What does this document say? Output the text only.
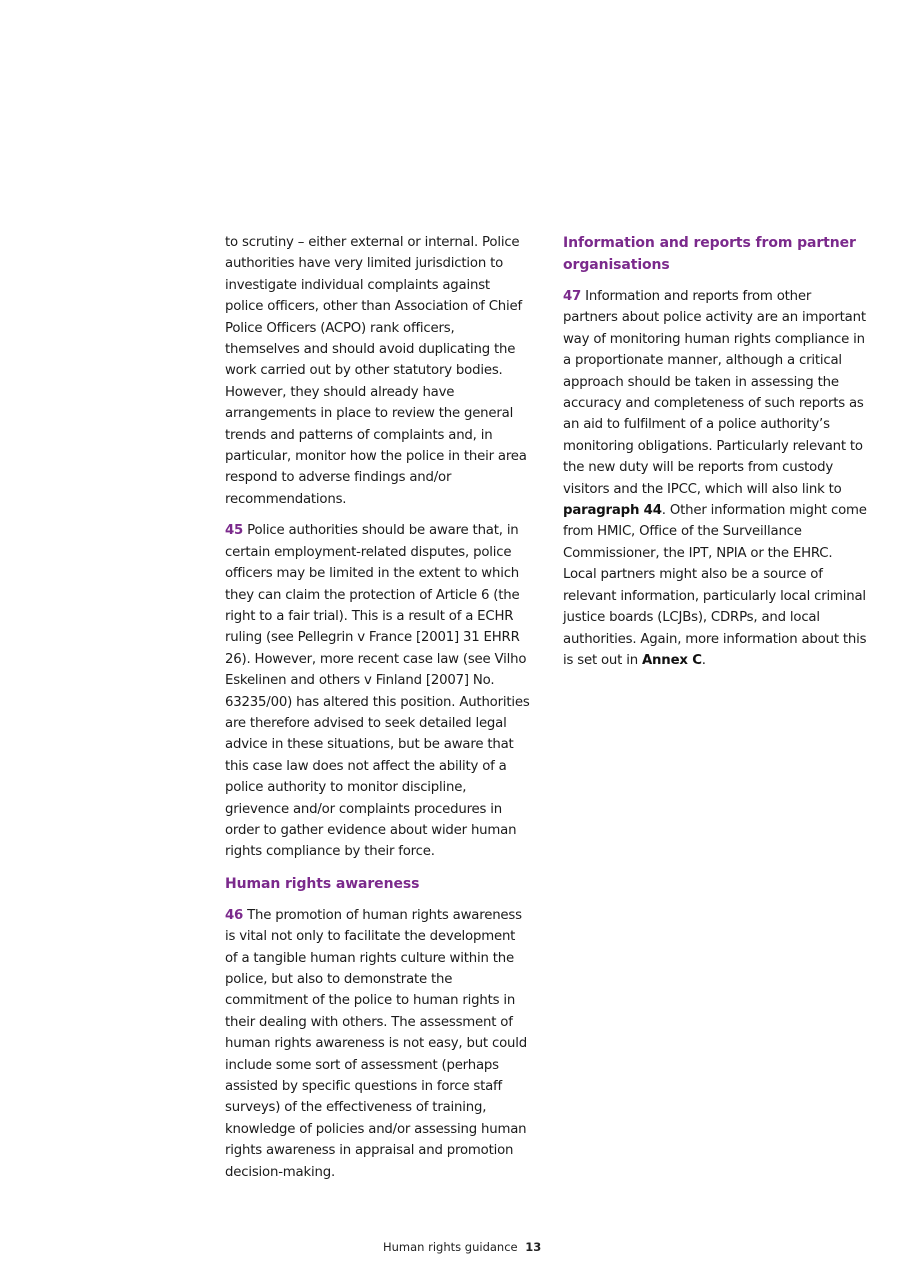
to scrutiny – either external or internal. Police authorities have very limited jurisdiction to investigate individual complaints against police officers, other than Association of Chief Police Officers (ACPO) rank officers, themselves and should avoid duplicating the work carried out by other statutory bodies. However, they should already have arrangements in place to review the general trends and patterns of complaints and, in particular, monitor how the police in their area respond to adverse findings and/or recommendations.

45 Police authorities should be aware that, in certain employment-related disputes, police officers may be limited in the extent to which they can claim the protection of Article 6 (the right to a fair trial). This is a result of a ECHR ruling (see Pellegrin v France [2001] 31 EHRR 26). However, more recent case law (see Vilho Eskelinen and others v Finland [2007] No. 63235/00) has altered this position. Authorities are therefore advised to seek detailed legal advice in these situations, but be aware that this case law does not affect the ability of a police authority to monitor discipline, grievence and/or complaints procedures in order to gather evidence about wider human rights compliance by their force.

Human rights awareness

46 The promotion of human rights awareness is vital not only to facilitate the development of a tangible human rights culture within the police, but also to demonstrate the commitment of the police to human rights in their dealing with others. The assessment of human rights awareness is not easy, but could include some sort of assessment (perhaps assisted by specific questions in force staff surveys) of the effectiveness of training, knowledge of policies and/or assessing human rights awareness in appraisal and promotion decision-making.

Information and reports from partner organisations

47 Information and reports from other partners about police activity are an important way of monitoring human rights compliance in a proportionate manner, although a critical approach should be taken in assessing the accuracy and completeness of such reports as an aid to fulfilment of a police authority’s monitoring obligations. Particularly relevant to the new duty will be reports from custody visitors and the IPCC, which will also link to paragraph 44. Other information might come from HMIC, Office of the Surveillance Commissioner, the IPT, NPIA or the EHRC. Local partners might also be a source of relevant information, particularly local criminal justice boards (LCJBs), CDRPs, and local authorities. Again, more information about this is set out in Annex C.

Human rights guidance 13
